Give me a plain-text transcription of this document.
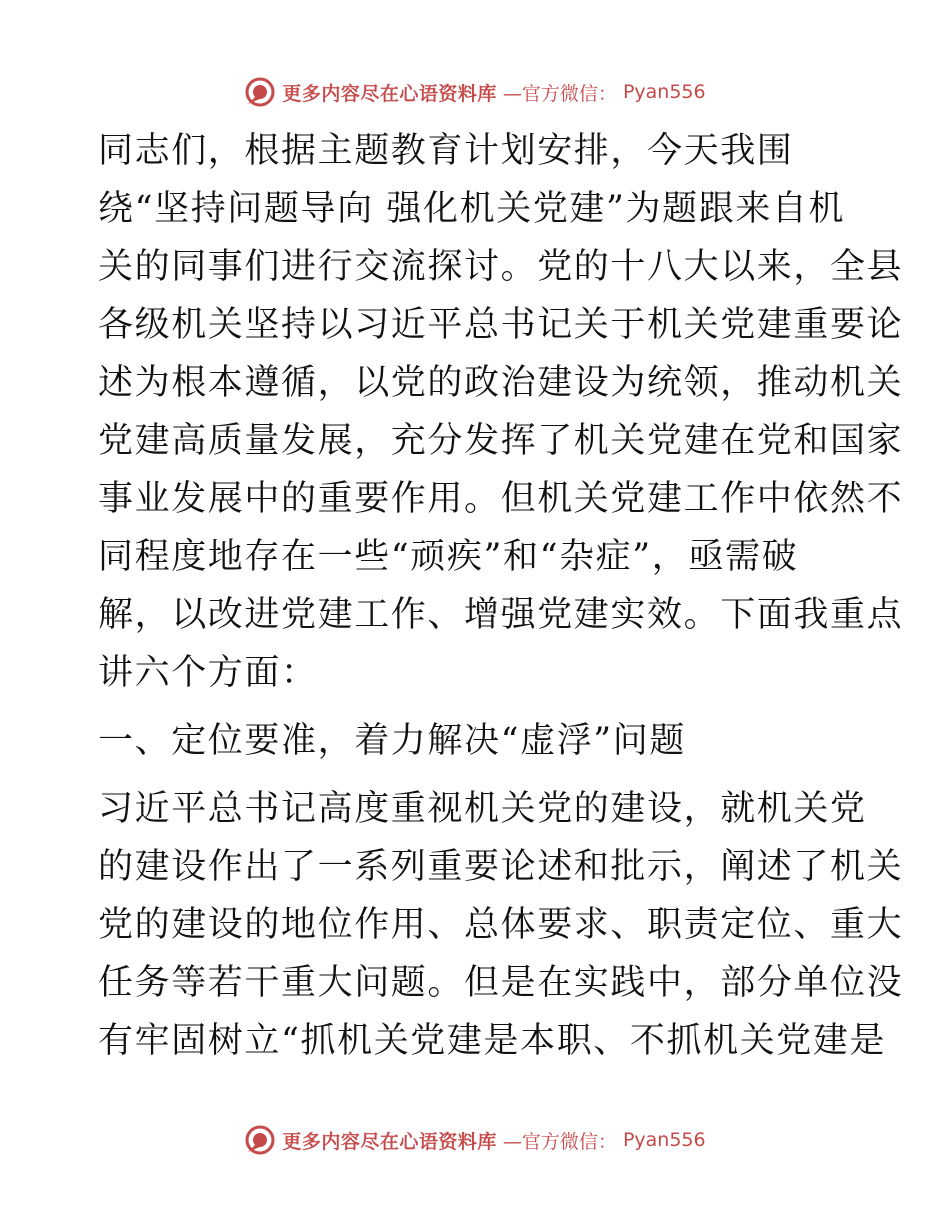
更多内容尽在心语资料库 —官方微信： Pyan556
同志们，根据主题教育计划安排，今天我围
绕“坚持问题导向 强化机关党建”为题跟来自机
关的同事们进行交流探讨。党的十八大以来，全县
各级机关坚持以习近平总书记关于机关党建重要论
述为根本遵循，以党的政治建设为统领，推动机关
党建高质量发展，充分发挥了机关党建在党和国家
事业发展中的重要作用。但机关党建工作中依然不
同程度地存在一些“顽疾”和“杂症”，亟需破
解，以改进党建工作、增强党建实效。下面我重点
讲六个方面：
一、定位要准，着力解决“虚浮”问题
习近平总书记高度重视机关党的建设，就机关党
的建设作出了一系列重要论述和批示，阐述了机关
党的建设的地位作用、总体要求、职责定位、重大
任务等若干重大问题。但是在实践中，部分单位没
有牢固树立“抓机关党建是本职、不抓机关党建是
更多内容尽在心语资料库 —官方微信： Pyan556
